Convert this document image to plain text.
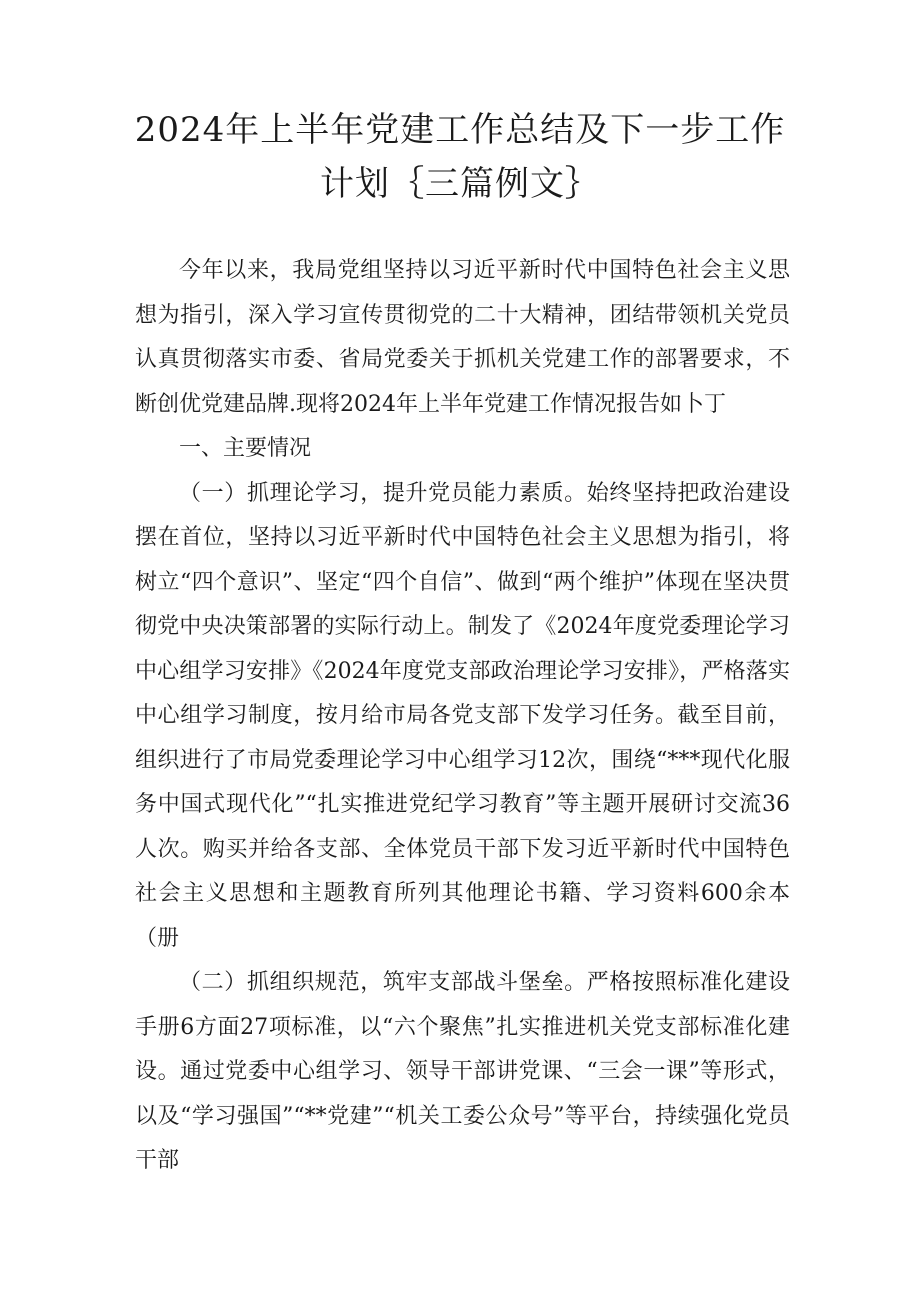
2024年上半年党建工作总结及下一步工作
计划｛三篇例文｝

今年以来，我局党组坚持以习近平新时代中国特色社会主义思想为指引，深入学习宣传贯彻党的二十大精神，团结带领机关党员认真贯彻落实市委、省局党委关于抓机关党建工作的部署要求，不断创优党建品牌.现将2024年上半年党建工作情况报告如卜丁

一、主要情况

（一）抓理论学习，提升党员能力素质。始终坚持把政治建设摆在首位，坚持以习近平新时代中国特色社会主义思想为指引，将树立“四个意识”、坚定“四个自信”、做到“两个维护”体现在坚决贯彻党中央决策部署的实际行动上。制发了《2024年度党委理论学习中心组学习安排》《2024年度党支部政治理论学习安排》，严格落实中心组学习制度，按月给市局各党支部下发学习任务。截至目前，组织进行了市局党委理论学习中心组学习12次，围绕“***现代化服务中国式现代化”“扎实推进党纪学习教育”等主题开展研讨交流36人次。购买并给各支部、全体党员干部下发习近平新时代中国特色社会主义思想和主题教育所列其他理论书籍、学习资料600余本（册

（二）抓组织规范，筑牢支部战斗堡垒。严格按照标准化建设手册6方面27项标准，以“六个聚焦”扎实推进机关党支部标准化建设。通过党委中心组学习、领导干部讲党课、“三会一课”等形式，以及“学习强国”“**党建”“机关工委公众号”等平台，持续强化党员干部
